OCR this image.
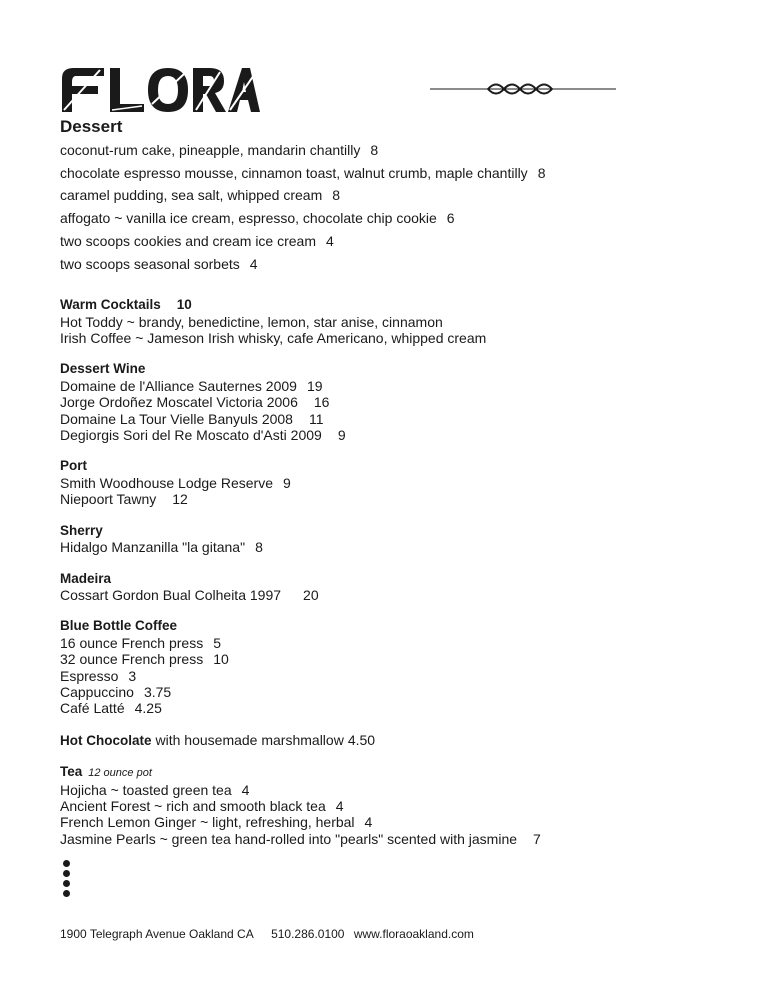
Dessert
coconut-rum cake, pineapple, mandarin chantilly 8
chocolate espresso mousse, cinnamon toast, walnut crumb, maple chantilly 8
caramel pudding, sea salt, whipped cream 8
affogato ~ vanilla ice cream, espresso, chocolate chip cookie 6
two scoops cookies and cream ice cream 4
two scoops seasonal sorbets 4
Warm Cocktails 10
Hot Toddy ~ brandy, benedictine, lemon, star anise, cinnamon
Irish Coffee ~ Jameson Irish whisky, cafe Americano, whipped cream
Dessert Wine
Domaine de l'Alliance Sauternes 2009 19
Jorge Ordoñez Moscatel Victoria 2006 16
Domaine La Tour Vielle Banyuls 2008 11
Degiorgis Sori del Re Moscato d'Asti 2009 9
Port
Smith Woodhouse Lodge Reserve 9
Niepoort Tawny 12
Sherry
Hidalgo Manzanilla "la gitana" 8
Madeira
Cossart Gordon Bual Colheita 1997 20
Blue Bottle Coffee
16 ounce French press 5
32 ounce French press 10
Espresso 3
Cappuccino 3.75
Café Latté 4.25
Hot Chocolate with housemade marshmallow 4.50
Tea 12 ounce pot
Hojicha ~ toasted green tea 4
Ancient Forest ~ rich and smooth black tea 4
French Lemon Ginger ~ light, refreshing, herbal 4
Jasmine Pearls ~ green tea hand-rolled into "pearls" scented with jasmine 7
1900 Telegraph Avenue Oakland CA 510.286.0100 www.floraoakland.com
